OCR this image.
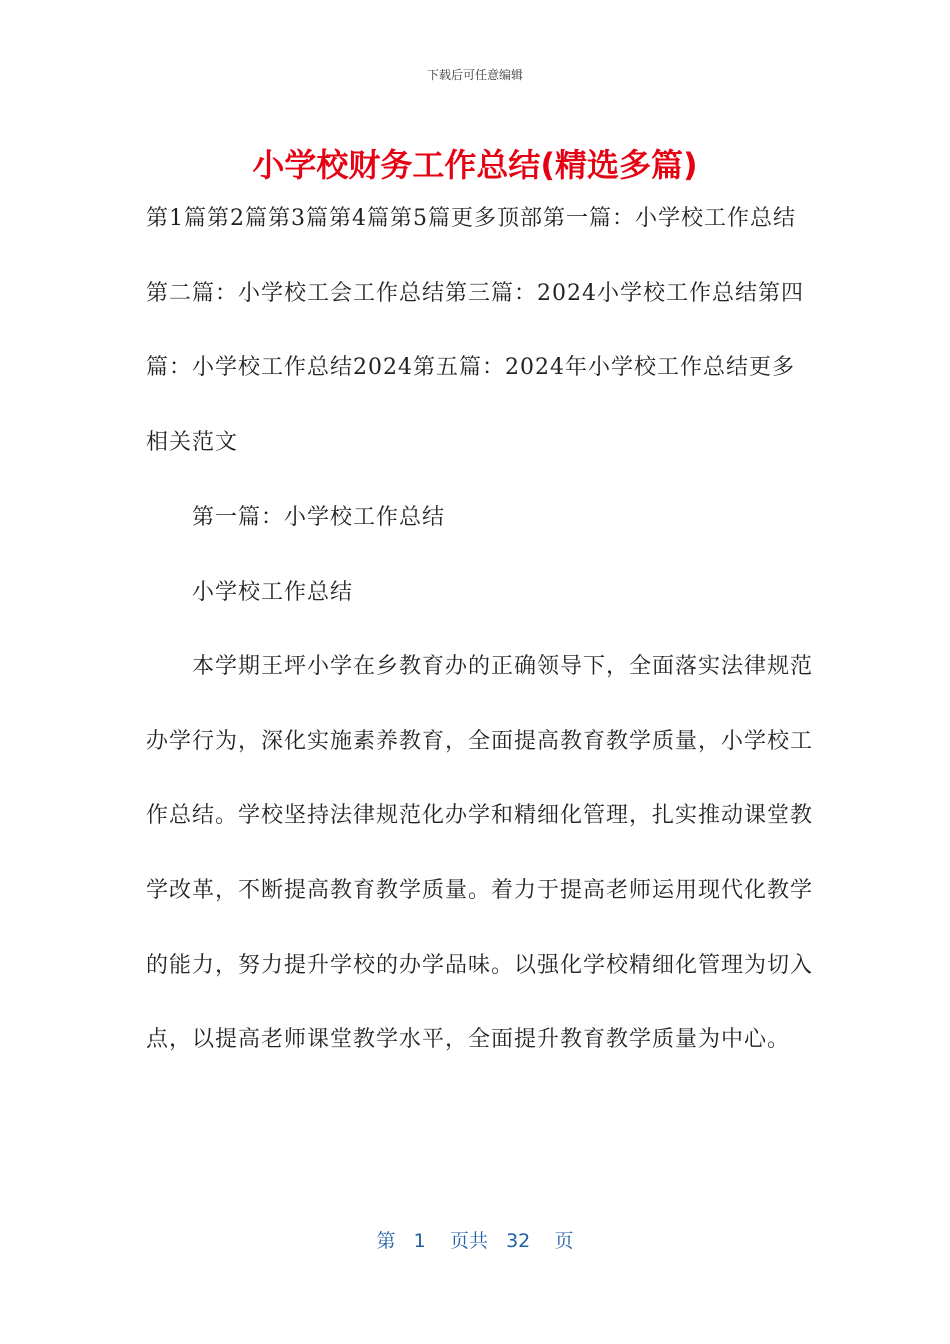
下载后可任意编辑
小学校财务工作总结(精选多篇)

第1篇第2篇第3篇第4篇第5篇更多顶部第一篇：小学校工作总结第二篇：小学校工会工作总结第三篇：2024小学校工作总结第四篇：小学校工作总结2024第五篇：2024年小学校工作总结更多相关范文

第一篇：小学校工作总结

小学校工作总结

本学期王坪小学在乡教育办的正确领导下，全面落实法律规范办学行为，深化实施素养教育，全面提高教育教学质量，小学校工作总结。学校坚持法律规范化办学和精细化管理，扎实推动课堂教学改革，不断提高教育教学质量。着力于提高老师运用现代化教学的能力，努力提升学校的办学品味。以强化学校精细化管理为切入点，以提高老师课堂教学水平，全面提升教育教学质量为中心。

第 1 页共 32 页
